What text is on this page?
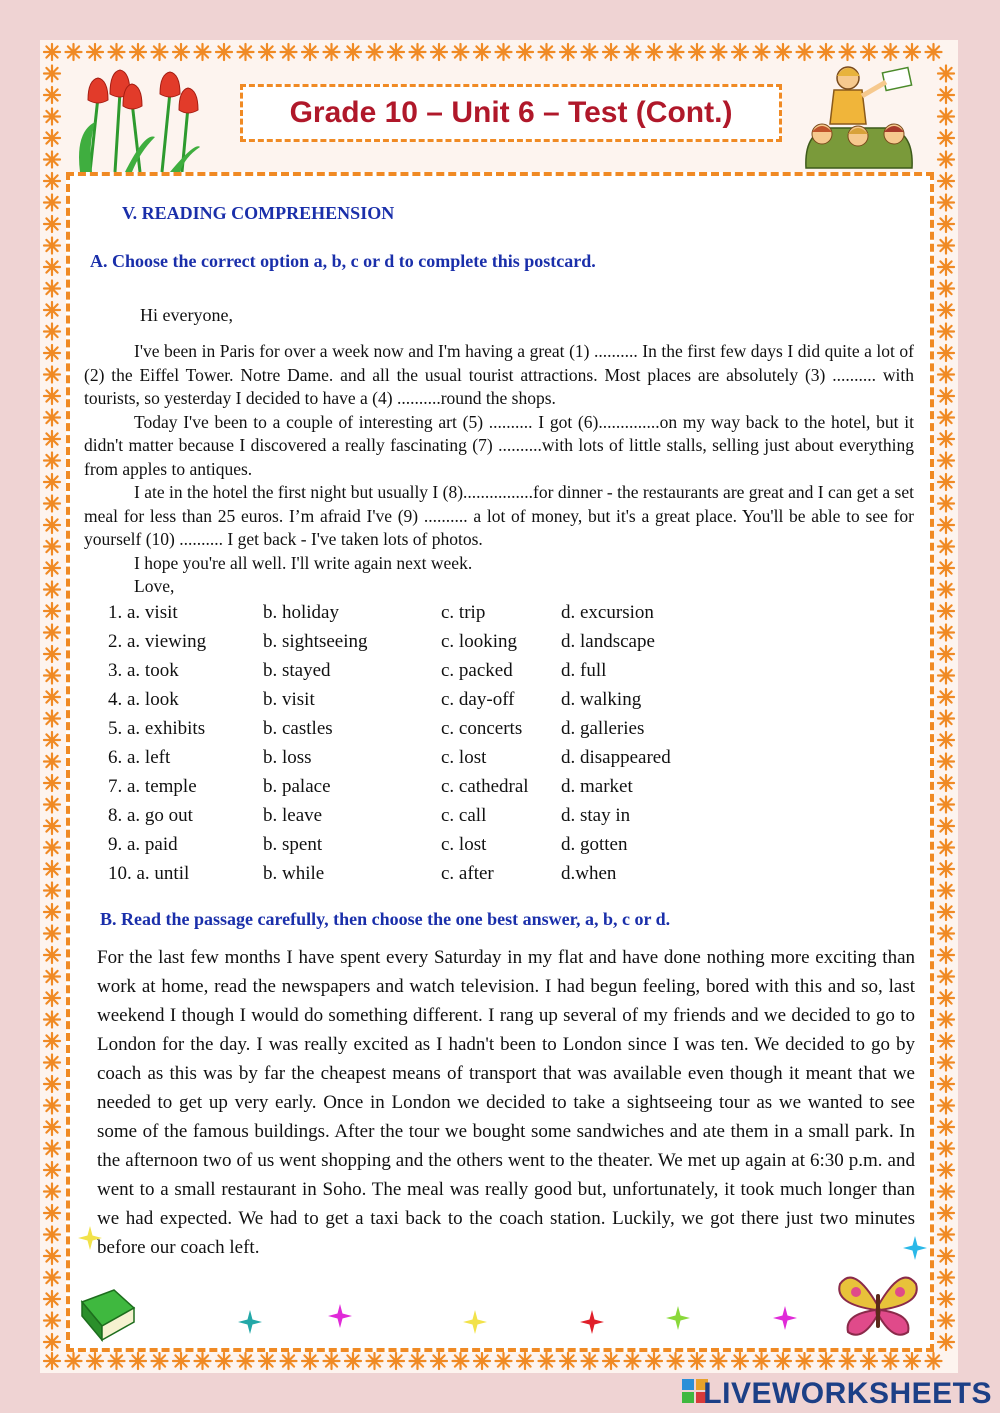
Grade 10 – Unit 6 – Test (Cont.)

V. READING COMPREHENSION

A. Choose the correct option a, b, c or d to complete this postcard.

Hi everyone,

I've been in Paris for over a week now and I'm having a great (1) .......... In the first few days I did quite a lot of (2) the Eiffel Tower. Notre Dame. and all the usual tourist attractions. Most places are absolutely (3) .......... with tourists, so yesterday I decided to have a (4) ..........round the shops.

Today I've been to a couple of interesting art (5) .......... I got (6)..............on my way back to the hotel, but it didn't matter because I discovered a really fascinating (7) ..........with lots of little stalls, selling just about everything from apples to antiques.

I ate in the hotel the first night but usually I (8)................for dinner - the restaurants are great and I can get a set meal for less than 25 euros. I’m afraid I've (9) .......... a lot of money, but it's a great place. You'll be able to see for yourself (10) .......... I get back - I've taken lots of photos.

I hope you're all well. I'll write again next week.

Love,

1. a. visit	b. holiday	c. trip	d. excursion
2. a. viewing	b. sightseeing	c. looking	d. landscape
3. a. took	b. stayed	c. packed	d. full
4. a. look	b. visit	c. day-off	d. walking
5. a. exhibits	b. castles	c. concerts	d. galleries
6. a. left	b. loss	c. lost	d. disappeared
7. a. temple	b. palace	c. cathedral	d. market
8. a. go out	b. leave	c. call	d. stay in
9. a. paid	b. spent	c. lost	d. gotten
10. a. until	b. while	c. after	d.when

B. Read the passage carefully, then choose the one best answer, a, b, c or d.

For the last few months I have spent every Saturday in my flat and have done nothing more exciting than work at home, read the newspapers and watch television. I had begun feeling, bored with this and so, last weekend I though I would do something different. I rang up several of my friends and we decided to go to London for the day. I was really excited as I hadn't been to London since I was ten. We decided to go by coach as this was by far the cheapest means of transport that was available even though it meant that we needed to get up very early. Once in London we decided to take a sightseeing tour as we wanted to see some of the famous buildings. After the tour we bought some sandwiches and ate them in a small park. In the afternoon two of us went shopping and the others went to the theater. We met up again at 6:30 p.m. and went to a small restaurant in Soho. The meal was really good but, unfortunately, it took much longer than we had expected. We had to get a taxi back to the coach station. Luckily, we got there just two minutes before our coach left.

LIVEWORKSHEETS
